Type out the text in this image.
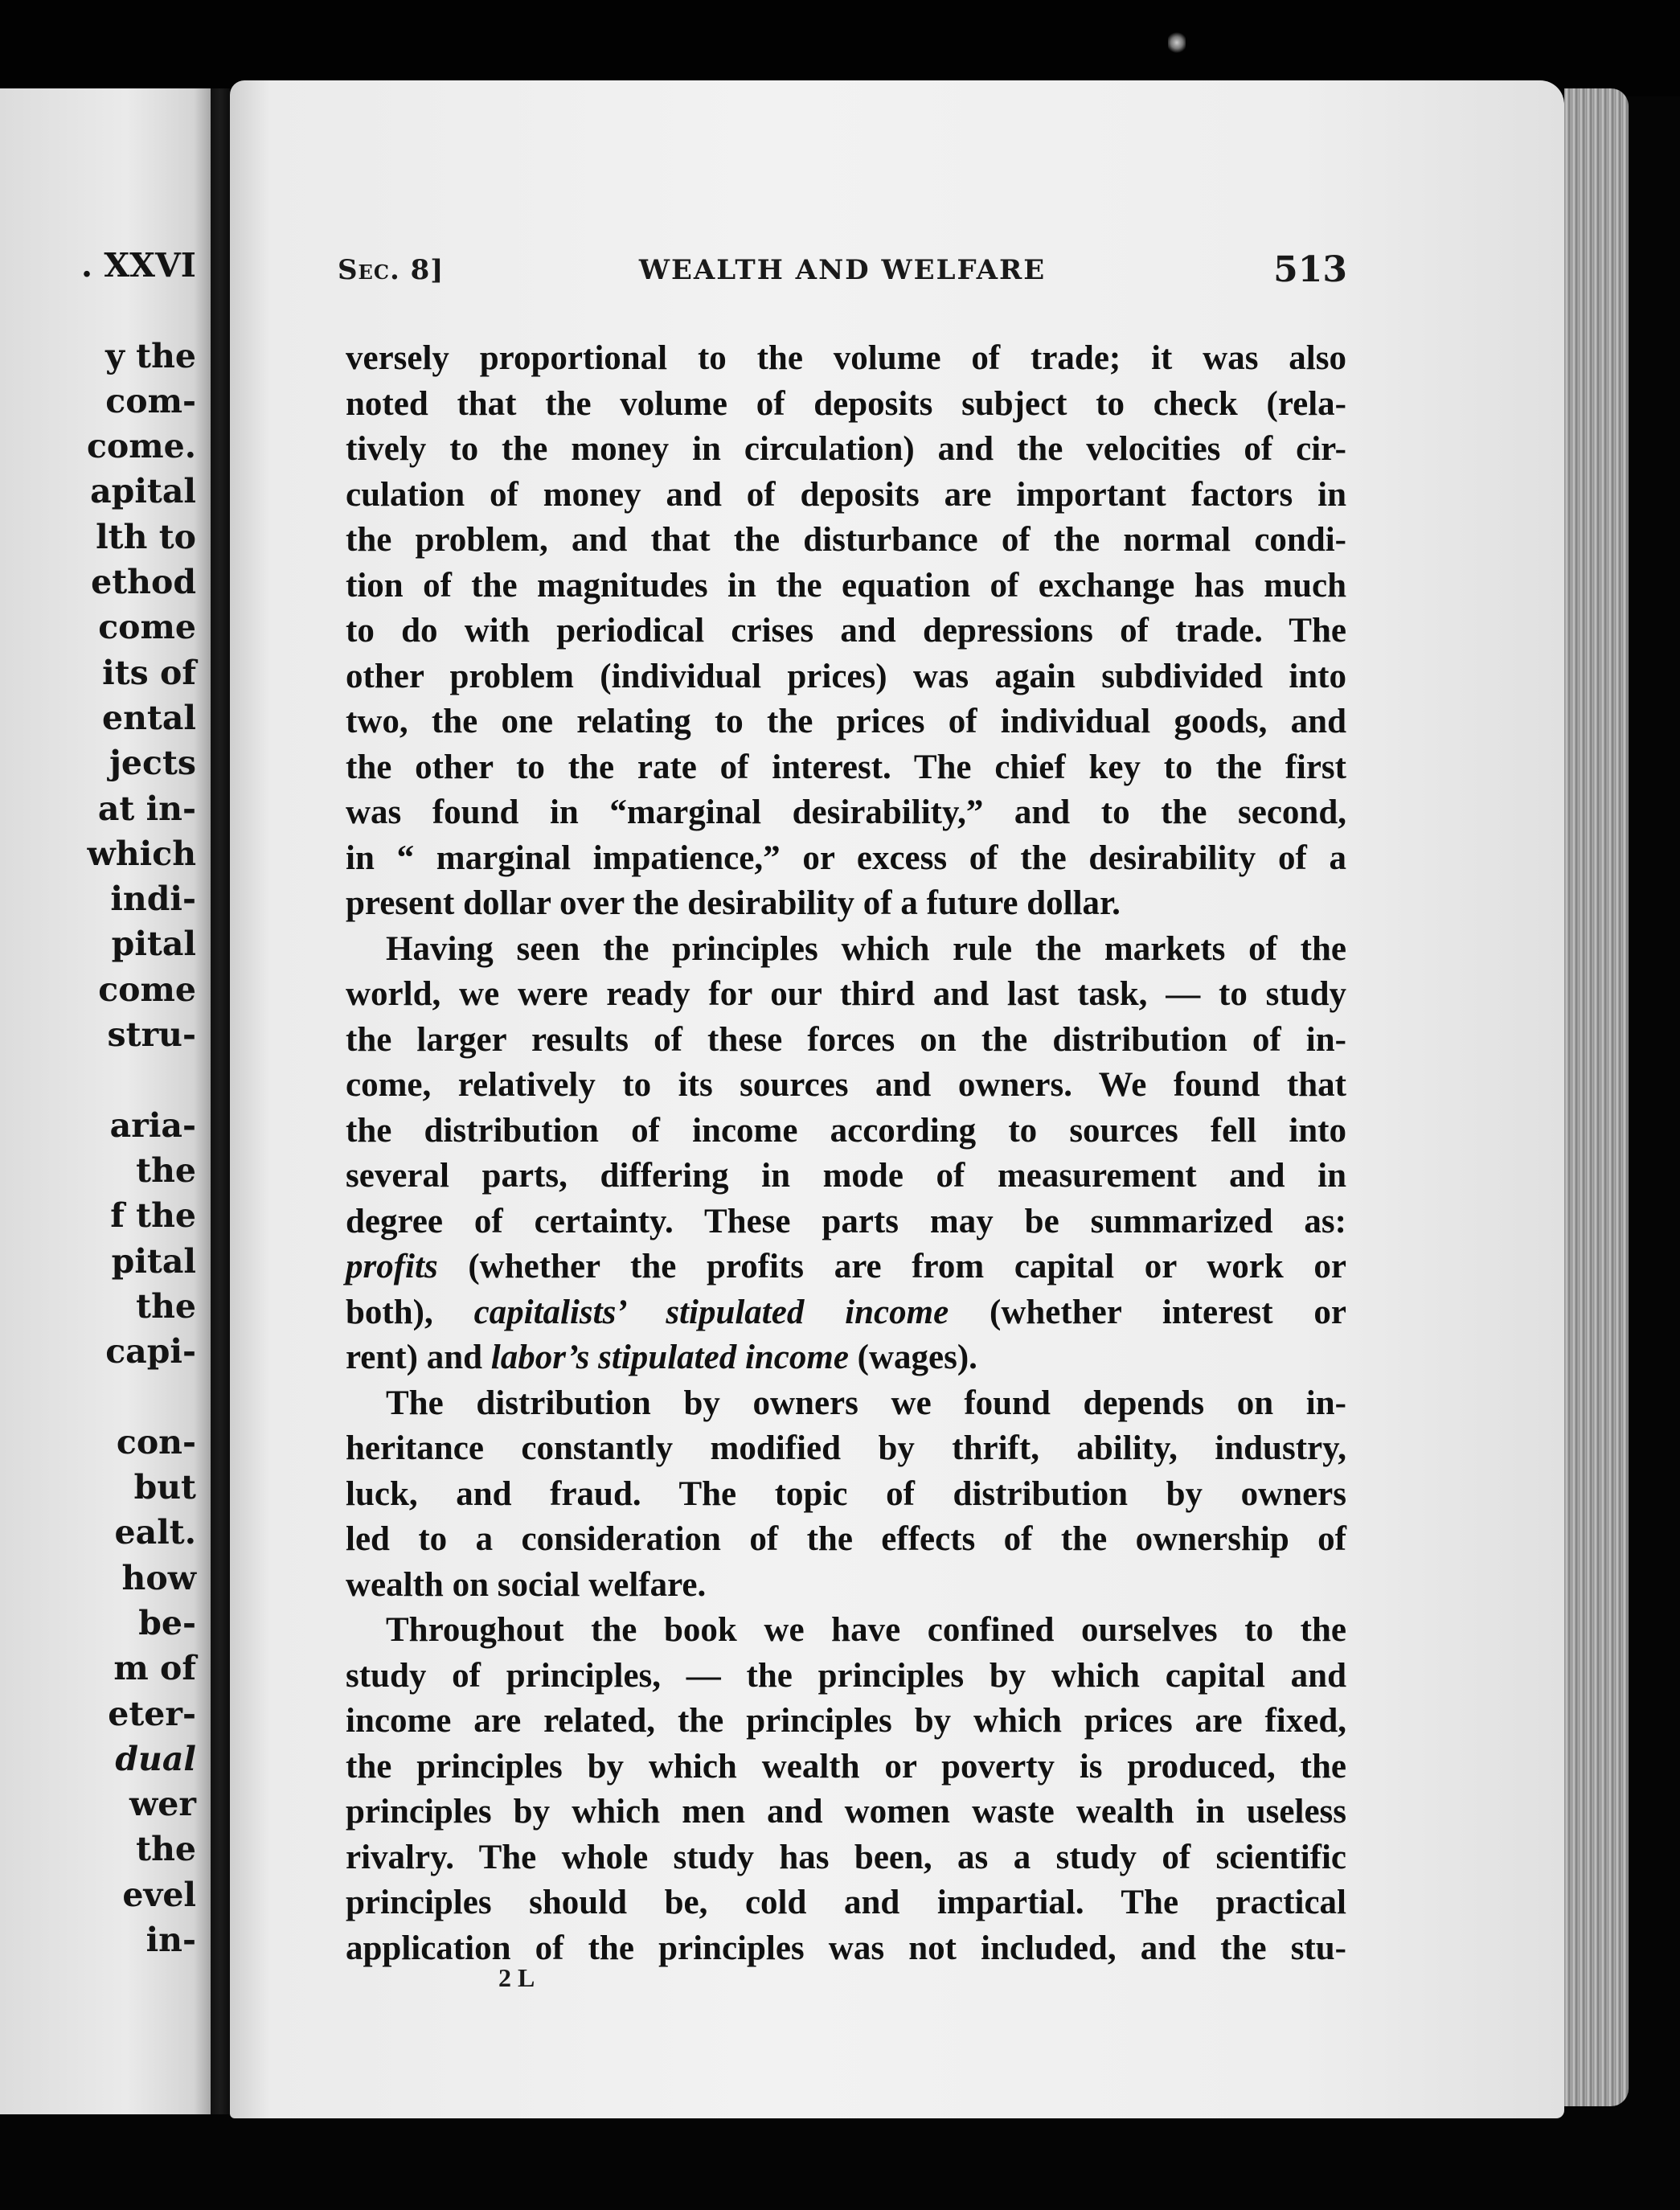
. XXVI
y the
com-
come.
apital
lth to
ethod
come
its of
ental
jects
at in-
which
indi-
pital
come
stru-
aria-
the
f the
pital
the
capi-
con-
but
ealt.
how
be-
m of
eter-
dual
wer
the
evel
in-
Sec. 8]	WEALTH AND WELFARE	513
versely proportional to the volume of trade; it was also
noted that the volume of deposits subject to check (rela-
tively to the money in circulation) and the velocities of cir-
culation of money and of deposits are important factors in
the problem, and that the disturbance of the normal condi-
tion of the magnitudes in the equation of exchange has much
to do with periodical crises and depressions of trade. The
other problem (individual prices) was again subdivided into
two, the one relating to the prices of individual goods, and
the other to the rate of interest. The chief key to the first
was found in “marginal desirability,” and to the second,
in “ marginal impatience,” or excess of the desirability of a
present dollar over the desirability of a future dollar.
Having seen the principles which rule the markets of the
world, we were ready for our third and last task, — to study
the larger results of these forces on the distribution of in-
come, relatively to its sources and owners. We found that
the distribution of income according to sources fell into
several parts, differing in mode of measurement and in
degree of certainty. These parts may be summarized as:
profits (whether the profits are from capital or work or
both), capitalists’ stipulated income (whether interest or
rent) and labor’s stipulated income (wages).
The distribution by owners we found depends on in-
heritance constantly modified by thrift, ability, industry,
luck, and fraud. The topic of distribution by owners
led to a consideration of the effects of the ownership of
wealth on social welfare.
Throughout the book we have confined ourselves to the
study of principles, — the principles by which capital and
income are related, the principles by which prices are fixed,
the principles by which wealth or poverty is produced, the
principles by which men and women waste wealth in useless
rivalry. The whole study has been, as a study of scientific
principles should be, cold and impartial. The practical
application of the principles was not included, and the stu-
2 L
